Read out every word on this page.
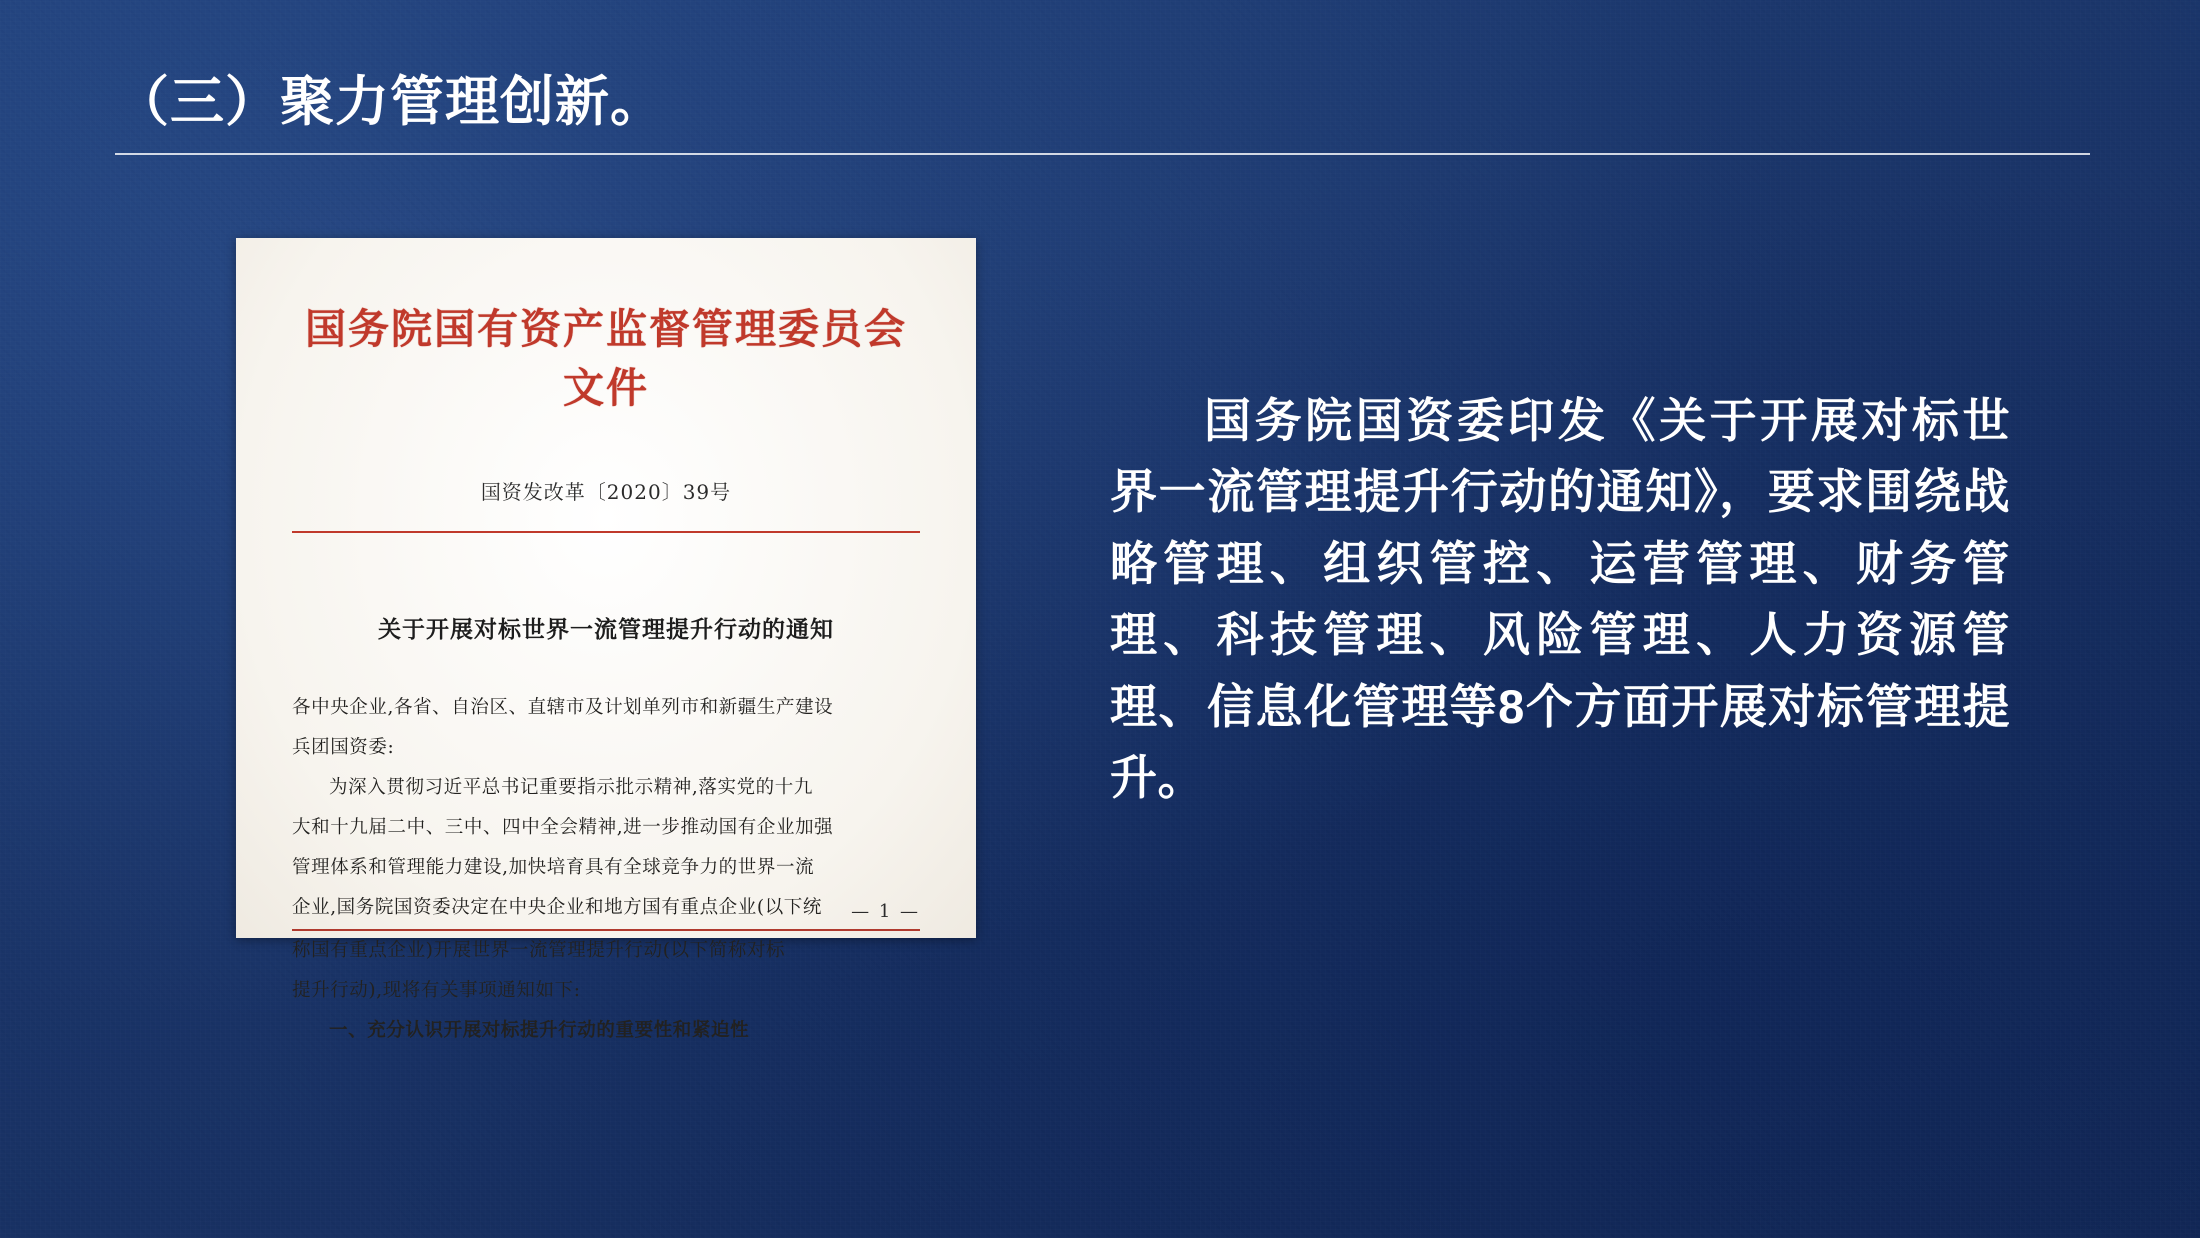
（三）聚力管理创新。
国务院国有资产监督管理委员会文件
国资发改革〔2020〕39号
关于开展对标世界一流管理提升行动的通知

各中央企业,各省、自治区、直辖市及计划单列市和新疆生产建设

兵团国资委:

为深入贯彻习近平总书记重要指示批示精神,落实党的十九

大和十九届二中、三中、四中全会精神,进一步推动国有企业加强

管理体系和管理能力建设,加快培育具有全球竞争力的世界一流

企业,国务院国资委决定在中央企业和地方国有重点企业(以下统

称国有重点企业)开展世界一流管理提升行动(以下简称对标

提升行动),现将有关事项通知如下:

一、充分认识开展对标提升行动的重要性和紧迫性

— 1 —
国务院国资委印发《关于开展对标世界一流管理提升行动的通知》，要求围绕战略管理、组织管控、运营管理、财务管理、科技管理、风险管理、人力资源管理、信息化管理等8个方面开展对标管理提升。
